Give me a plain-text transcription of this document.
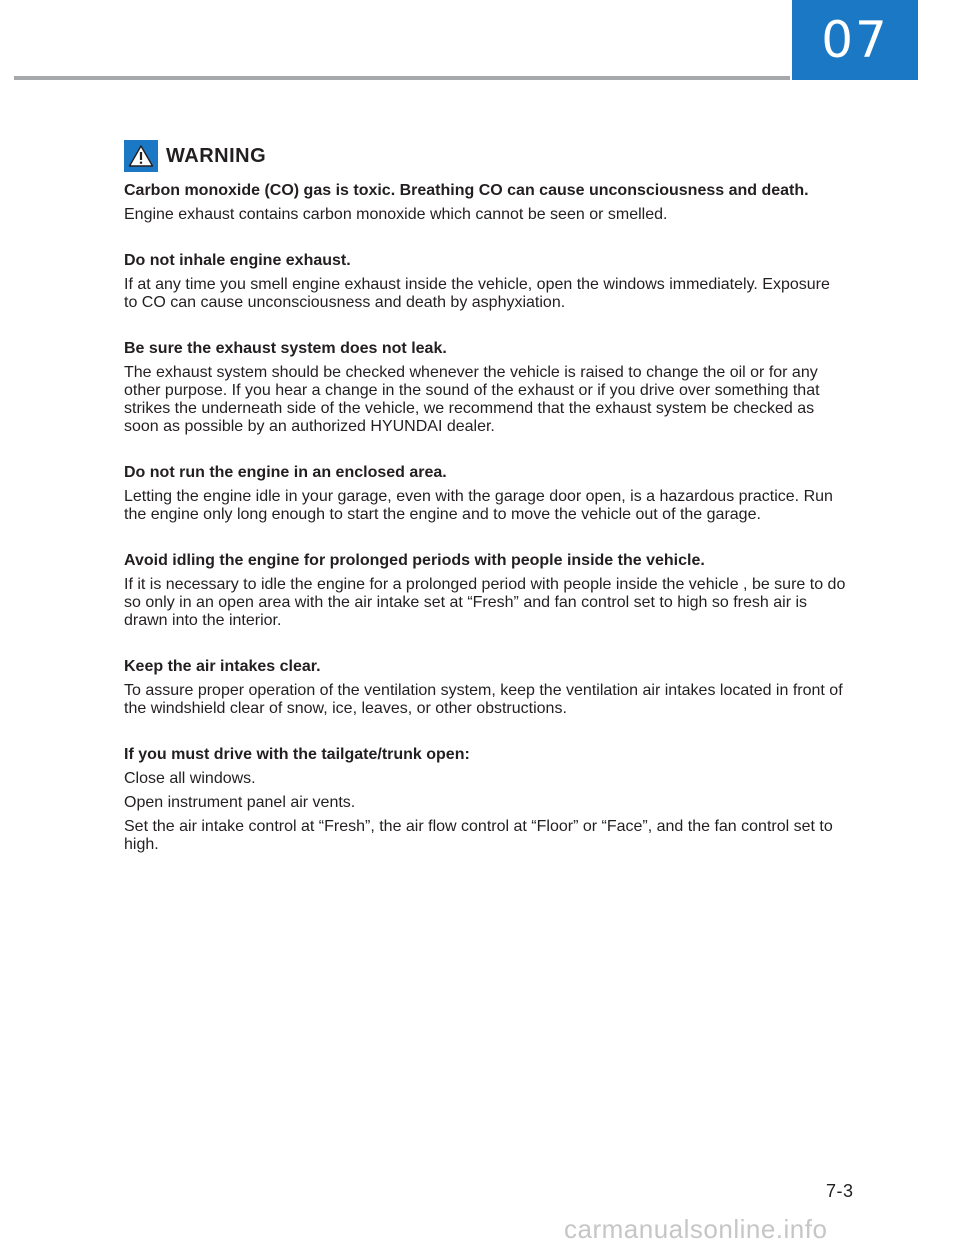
07
WARNING
Carbon monoxide (CO) gas is toxic. Breathing CO can cause unconsciousness and death.

Engine exhaust contains carbon monoxide which cannot be seen or smelled.

Do not inhale engine exhaust.

If at any time you smell engine exhaust inside the vehicle, open the windows immediately. Exposure to CO can cause unconsciousness and death by asphyxiation.

Be sure the exhaust system does not leak.

The exhaust system should be checked whenever the vehicle is raised to change the oil or for any other purpose. If you hear a change in the sound of the exhaust or if you drive over something that strikes the underneath side of the vehicle, we recommend that the exhaust system be checked as soon as possible by an authorized HYUNDAI dealer.

Do not run the engine in an enclosed area.

Letting the engine idle in your garage, even with the garage door open, is a hazardous practice. Run the engine only long enough to start the engine and to move the vehicle out of the garage.

Avoid idling the engine for prolonged periods with people inside the vehicle.

If it is necessary to idle the engine for a prolonged period with people inside the vehicle , be sure to do so only in an open area with the air intake set at “Fresh” and fan control set to high so fresh air is drawn into the interior.

Keep the air intakes clear.

To assure proper operation of the ventilation system, keep the ventilation air intakes located in front of the windshield clear of snow, ice, leaves, or other obstructions.

If you must drive with the tailgate/trunk open:

Close all windows.

Open instrument panel air vents.

Set the air intake control at “Fresh”, the air flow control at “Floor” or “Face”, and the fan control set to high.

7-3
carmanualsonline.info
